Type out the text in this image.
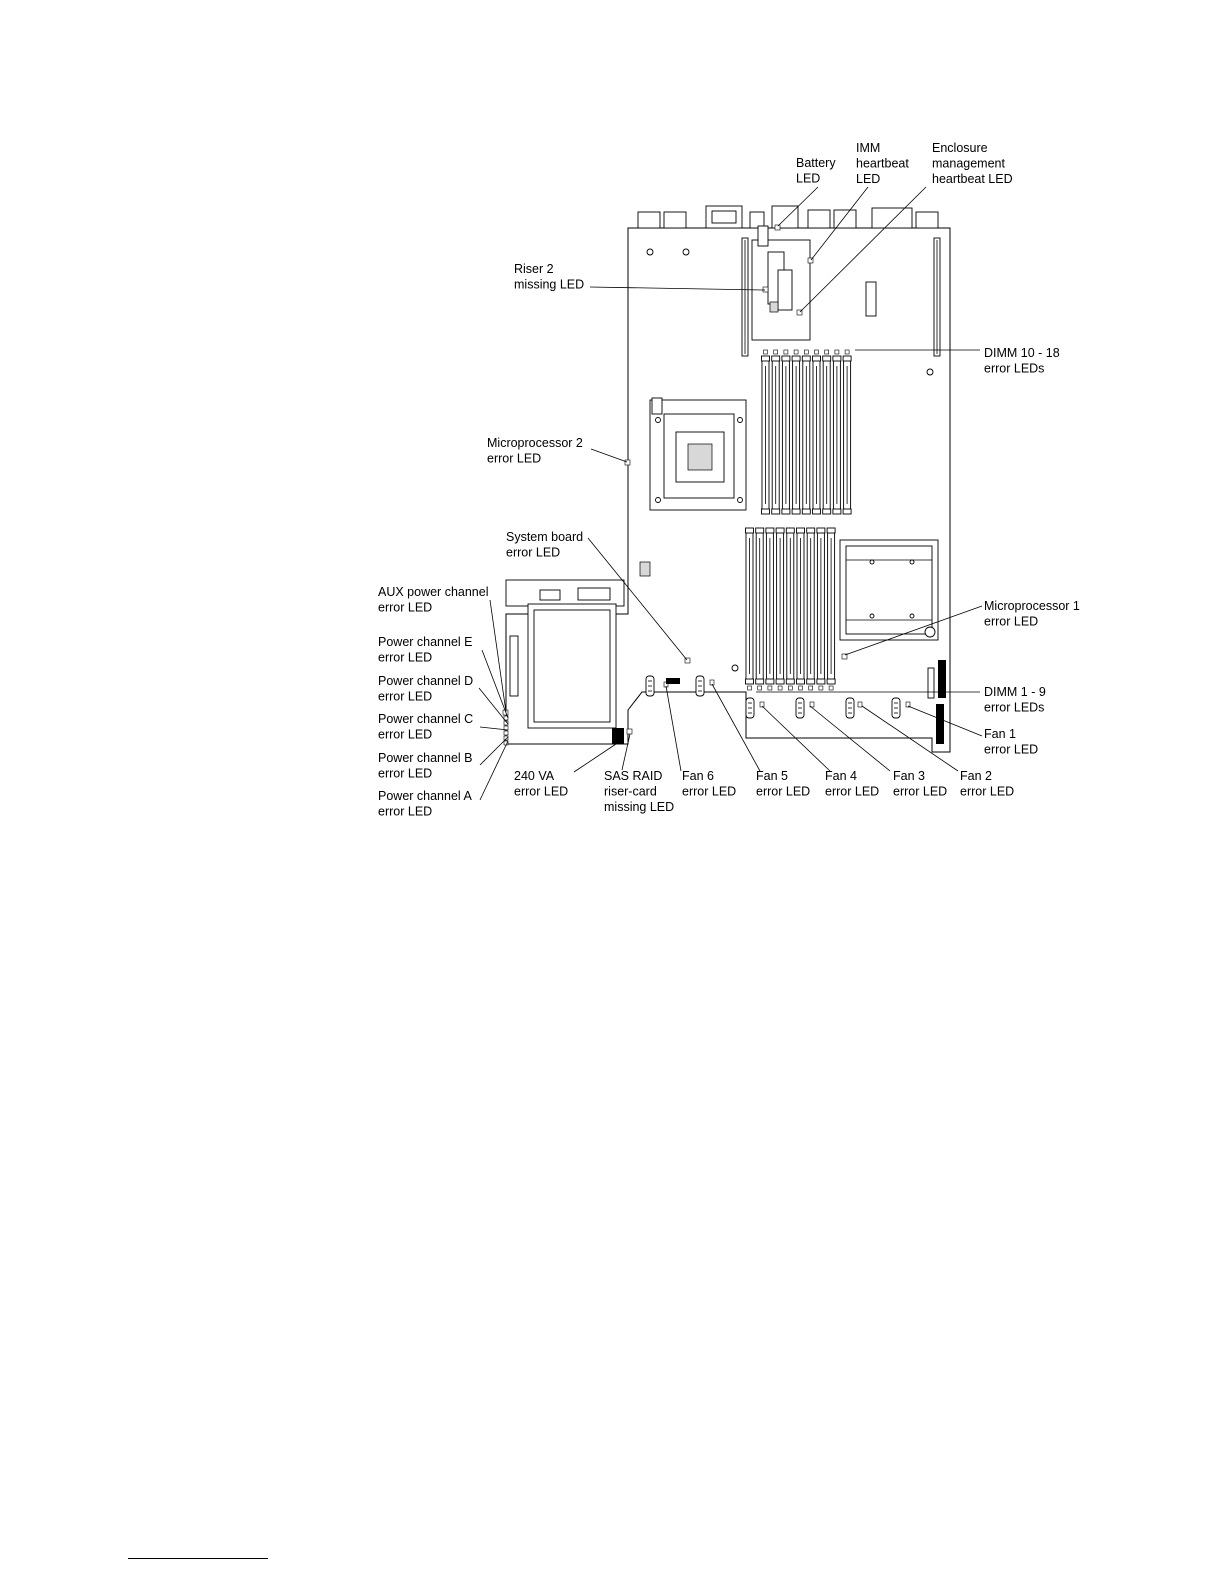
Battery LED
IMM heartbeat LED
Enclosure management heartbeat LED
Riser 2 missing LED
DIMM 10 - 18 error LEDs
Microprocessor 2 error LED
System board error LED
AUX power channel error LED	Microprocessor 1 error LED
Power channel E error LED
Power channel D error LED	DIMM 1 - 9 error LEDs
Power channel C error LED	Fan 1 error LED
Power channel B error LED	240 VA error LED
SAS RAID riser-card missing LED
Fan 6 error LED
Fan 5 error LED
Fan 4 error LED
Fan 3 error LED
Fan 2 error LED
Power channel A error LED
